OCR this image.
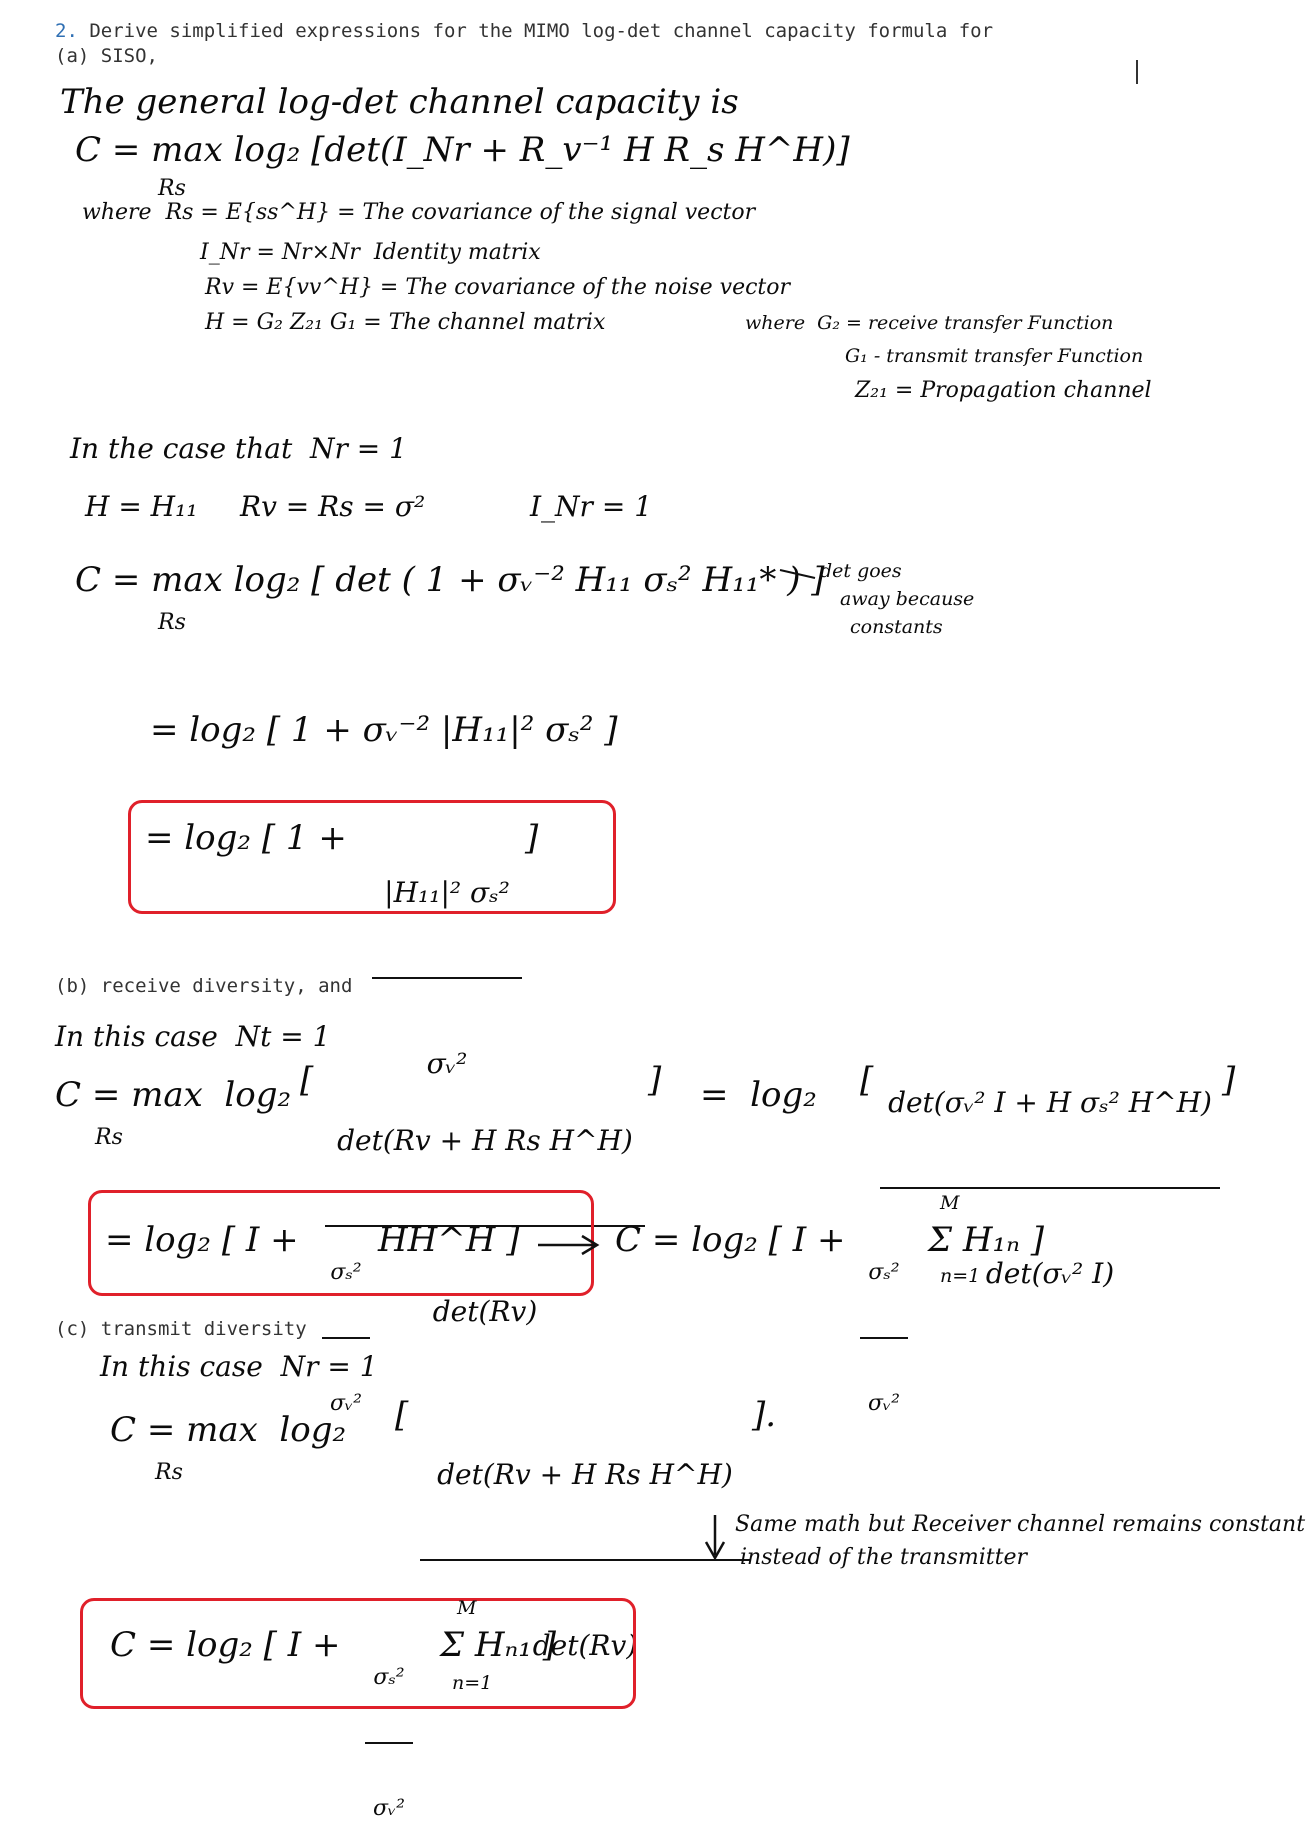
2. Derive simplified expressions for the MIMO log-det channel capacity formula for
(a) SISO,
The general log-det channel capacity is
C = max log₂ [det(I_Nr + R_v⁻¹ H R_s H^H)]
Rs
where  Rs = E{ss^H} = The covariance of the signal vector
I_Nr = Nr×Nr  Identity matrix
Rv = E{vv^H} = The covariance of the noise vector
H = G₂ Z₂₁ G₁ = The channel matrix	where  G₂ = receive transfer Function
G₁ - transmit transfer Function
Z₂₁ = Propagation channel
In the case that  Nr = 1
H = H₁₁ Rv = Rs = σ²	I_Nr = 1
C = max log₂ [ det ( 1 + σᵥ⁻² H₁₁ σₛ² H₁₁* ) ]
Rs
det goes
away because
constants
= log₂ [ 1 + σᵥ⁻² |H₁₁|² σₛ² ]
= log₂ [ 1 +

|H₁₁|² σₛ²

σᵥ²

]
(b) receive diversity, and
In this case  Nt = 1
C = max  log₂
Rs
[

det(Rv + H Rs H^H)

det(Rv)

] =  log₂ [

det(σᵥ² I + H σₛ² H^H)

det(σᵥ² I)

]
= log₂ [ I +

σₛ²

σᵥ²

HH^H ]	C = log₂ [ I +

σₛ²

σᵥ²

M
Σ H₁ₙ ]
n=1
(c) transmit diversity
In this case  Nr = 1
C = max  log₂
Rs
[

det(Rv + H Rs H^H)

det(Rv)

].
Same math but Receiver channel remains constant
instead of the transmitter
C = log₂ [ I +

σₛ²

σᵥ²

M
Σ Hₙ₁ ]
n=1
